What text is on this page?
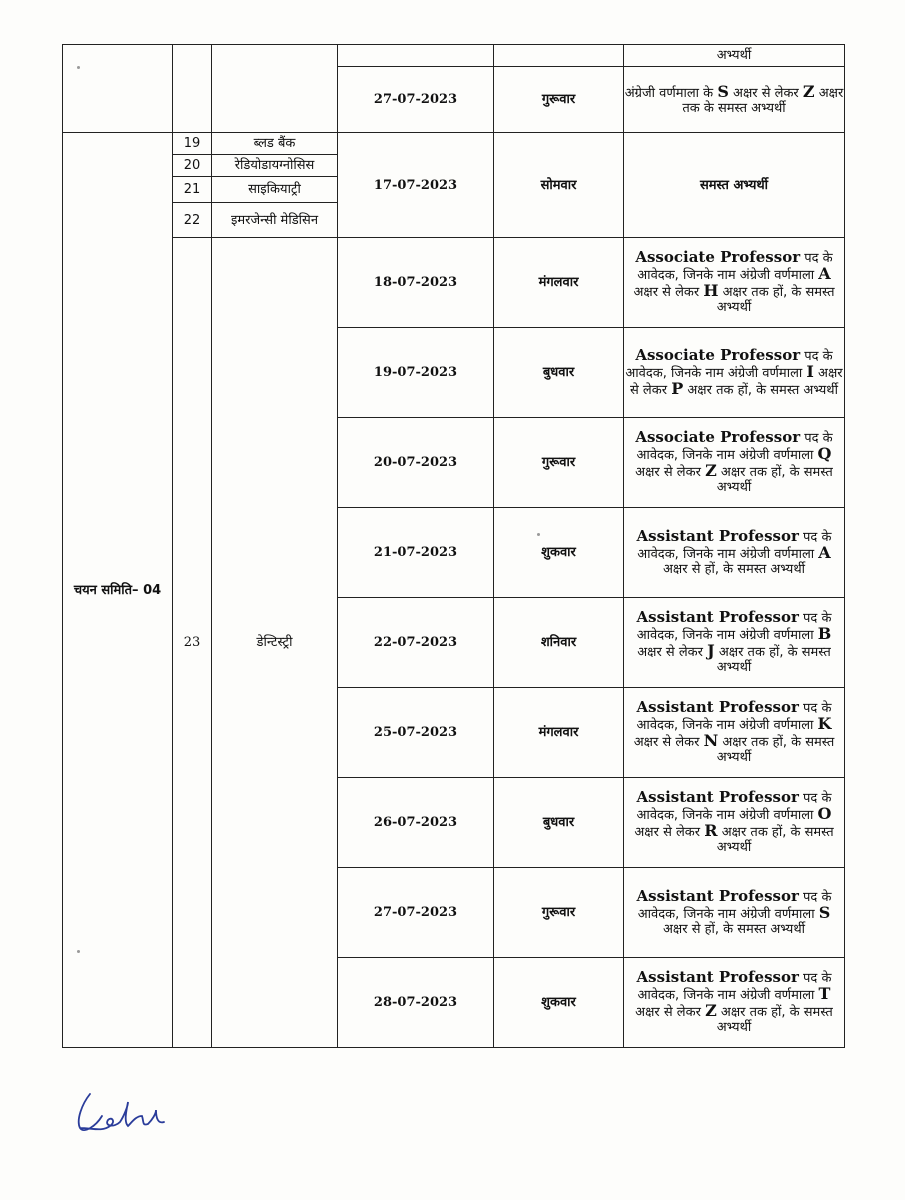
					अभ्यर्थी
			27-07-2023	गुरूवार	अंग्रेजी वर्णमाला के S अक्षर से लेकर Z अक्षर तक के समस्त अभ्यर्थी
चयन समिति– 04	19	ब्लड बैंक	17-07-2023	सोमवार	समस्त अभ्यर्थी
	20	रेडियोडायग्नोसिस			
	21	साइकियाट्री			
	22	इमरजेन्सी मेडिसिन			
	23	डेन्टिस्ट्री	18-07-2023	मंगलवार	Associate Professor पद के आवेदक, जिनके नाम अंग्रेजी वर्णमाला A अक्षर से लेकर H अक्षर तक हों, के समस्त अभ्यर्थी
			19-07-2023	बुधवार	Associate Professor पद के आवेदक, जिनके नाम अंग्रेजी वर्णमाला I अक्षर से लेकर P अक्षर तक हों, के समस्त अभ्यर्थी
			20-07-2023	गुरूवार	Associate Professor पद के आवेदक, जिनके नाम अंग्रेजी वर्णमाला Q अक्षर से लेकर Z अक्षर तक हों, के समस्त अभ्यर्थी
			21-07-2023	शुकवार	Assistant Professor पद के आवेदक, जिनके नाम अंग्रेजी वर्णमाला A अक्षर से हों, के समस्त अभ्यर्थी
			22-07-2023	शनिवार	Assistant Professor पद के आवेदक, जिनके नाम अंग्रेजी वर्णमाला B अक्षर से लेकर J अक्षर तक हों, के समस्त अभ्यर्थी
			25-07-2023	मंगलवार	Assistant Professor पद के आवेदक, जिनके नाम अंग्रेजी वर्णमाला K अक्षर से लेकर N अक्षर तक हों, के समस्त अभ्यर्थी
			26-07-2023	बुधवार	Assistant Professor पद के आवेदक, जिनके नाम अंग्रेजी वर्णमाला O अक्षर से लेकर R अक्षर तक हों, के समस्त अभ्यर्थी
			27-07-2023	गुरूवार	Assistant Professor पद के आवेदक, जिनके नाम अंग्रेजी वर्णमाला S अक्षर से हों, के समस्त अभ्यर्थी
			28-07-2023	शुकवार	Assistant Professor पद के आवेदक, जिनके नाम अंग्रेजी वर्णमाला T अक्षर से लेकर Z अक्षर तक हों, के समस्त अभ्यर्थी
